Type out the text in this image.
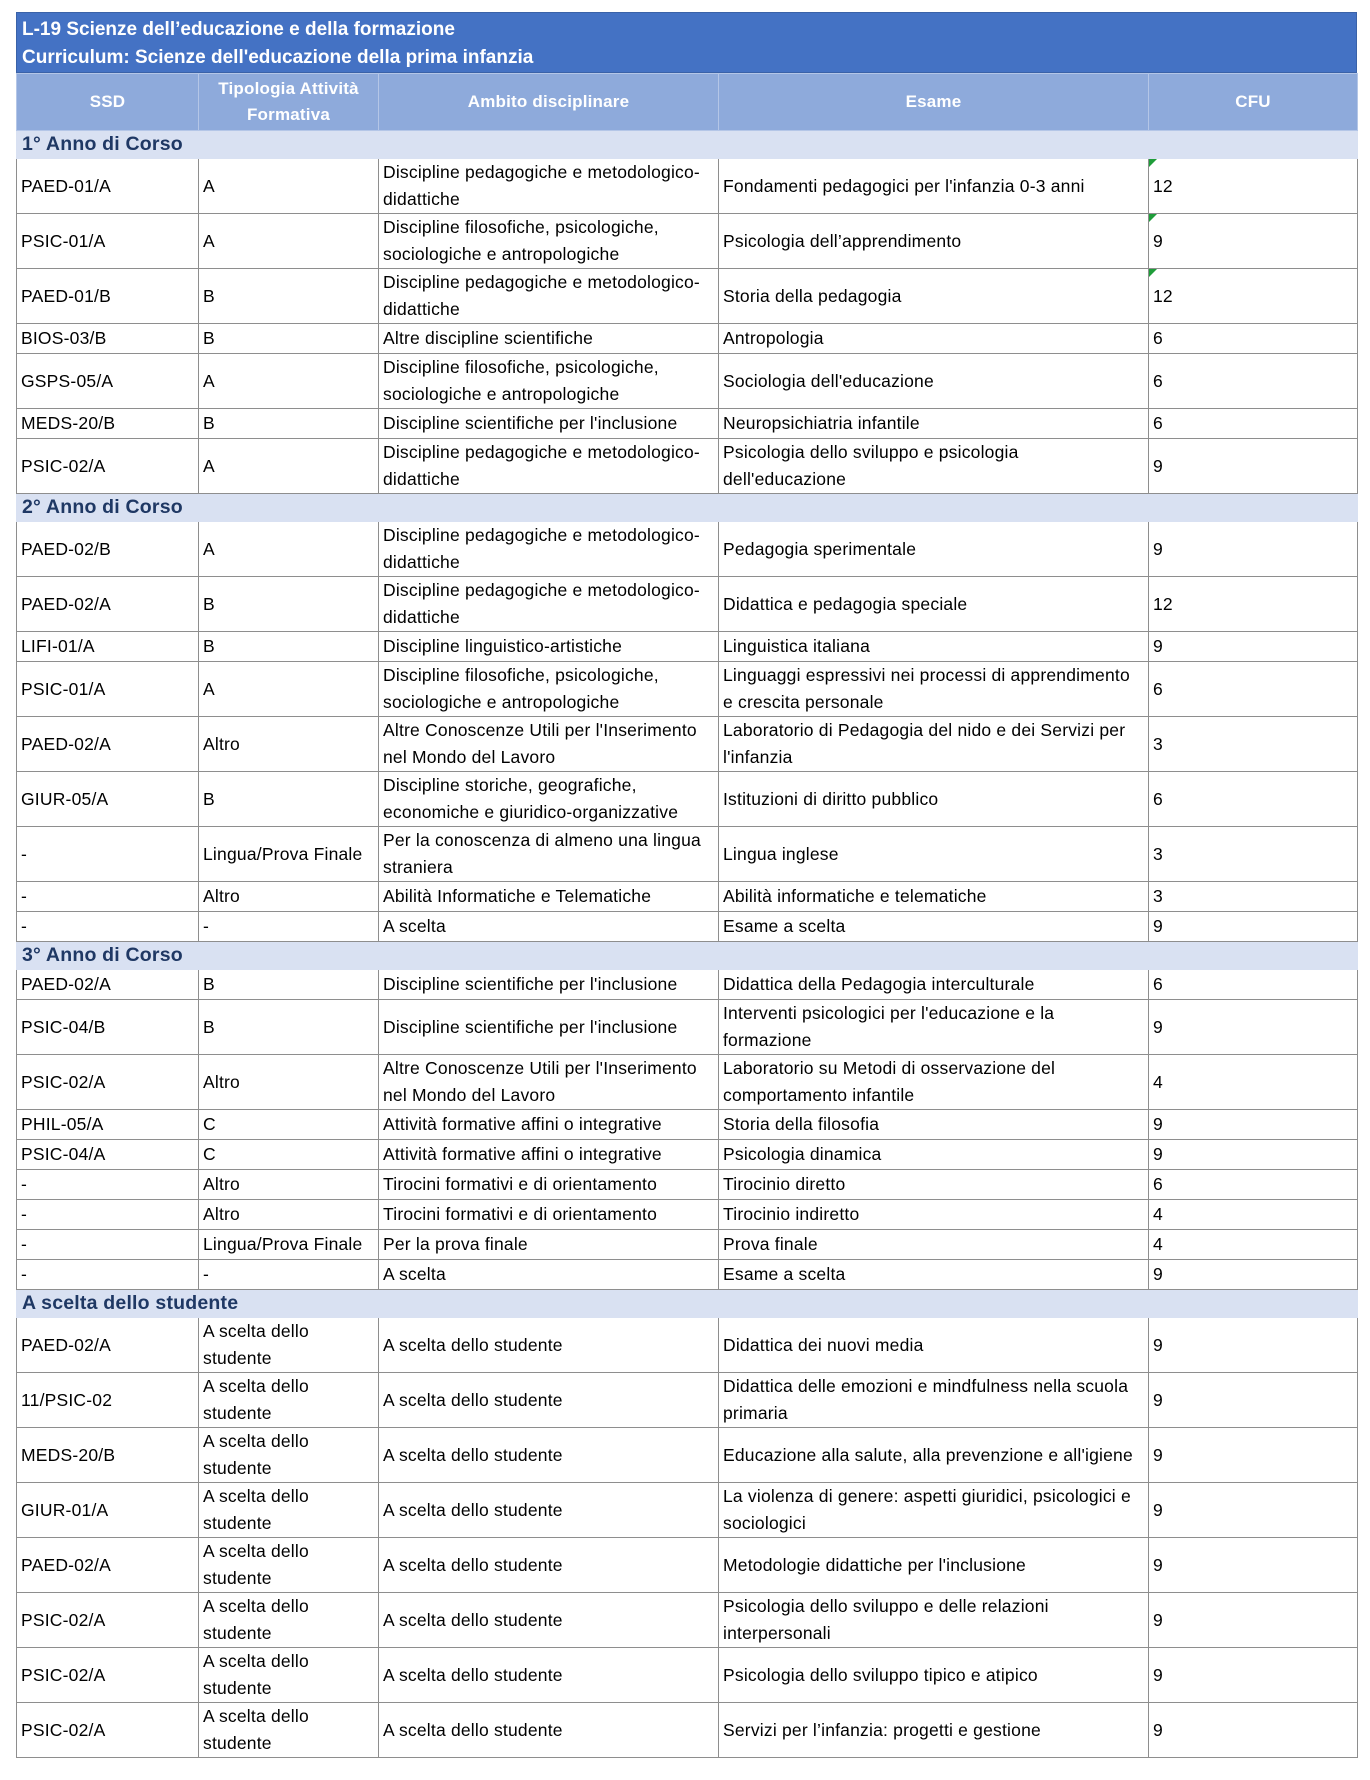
L-19 Scienze dell’educazione e della formazione
Curriculum: Scienze dell'educazione della prima infanzia
SSD	Tipologia Attività Formativa	Ambito disciplinare	Esame	CFU
1° Anno di Corso				
PAED-01/A	A	Discipline pedagogiche e metodologico-didattiche	Fondamenti pedagogici per l'infanzia 0-3 anni	12
PSIC-01/A	A	Discipline filosofiche, psicologiche, sociologiche e antropologiche	Psicologia dell’apprendimento	9
PAED-01/B	B	Discipline pedagogiche e metodologico-didattiche	Storia della pedagogia	12
BIOS-03/B	B	Altre discipline scientifiche	Antropologia	6
GSPS-05/A	A	Discipline filosofiche, psicologiche, sociologiche e antropologiche	Sociologia dell'educazione	6
MEDS-20/B	B	Discipline scientifiche per l'inclusione	Neuropsichiatria infantile	6
PSIC-02/A	A	Discipline pedagogiche e metodologico-didattiche	Psicologia dello sviluppo e psicologia dell'educazione	9
2° Anno di Corso				
PAED-02/B	A	Discipline pedagogiche e metodologico-didattiche	Pedagogia sperimentale	9
PAED-02/A	B	Discipline pedagogiche e metodologico-didattiche	Didattica e pedagogia speciale	12
LIFI-01/A	B	Discipline linguistico-artistiche	Linguistica italiana	9
PSIC-01/A	A	Discipline filosofiche, psicologiche, sociologiche e antropologiche	Linguaggi espressivi nei processi di apprendimento e crescita personale	6
PAED-02/A	Altro	Altre Conoscenze Utili per l'Inserimento nel Mondo del Lavoro	Laboratorio di Pedagogia del nido e dei Servizi per l'infanzia	3
GIUR-05/A	B	Discipline storiche, geografiche, economiche e giuridico-organizzative	Istituzioni di diritto pubblico	6
-	Lingua/Prova Finale	Per la conoscenza di almeno una lingua straniera	Lingua inglese	3
-	Altro	Abilità Informatiche e Telematiche	Abilità informatiche e telematiche	3
-	-	A scelta	Esame a scelta	9
3° Anno di Corso				
PAED-02/A	B	Discipline scientifiche per l'inclusione	Didattica della Pedagogia interculturale	6
PSIC-04/B	B	Discipline scientifiche per l'inclusione	Interventi psicologici per l'educazione e la formazione	9
PSIC-02/A	Altro	Altre Conoscenze Utili per l'Inserimento nel Mondo del Lavoro	Laboratorio su Metodi di osservazione del comportamento infantile	4
PHIL-05/A	C	Attività formative affini o integrative	Storia della filosofia	9
PSIC-04/A	C	Attività formative affini o integrative	Psicologia dinamica	9
-	Altro	Tirocini formativi e di orientamento	Tirocinio diretto	6
-	Altro	Tirocini formativi e di orientamento	Tirocinio indiretto	4
-	Lingua/Prova Finale	Per la prova finale	Prova finale	4
-	-	A scelta	Esame a scelta	9
A scelta dello studente				
PAED-02/A	A scelta dello studente	A scelta dello studente	Didattica dei nuovi media	9
11/PSIC-02	A scelta dello studente	A scelta dello studente	Didattica delle emozioni e mindfulness nella scuola primaria	9
MEDS-20/B	A scelta dello studente	A scelta dello studente	Educazione alla salute, alla prevenzione e all'igiene	9
GIUR-01/A	A scelta dello studente	A scelta dello studente	La violenza di genere: aspetti giuridici, psicologici e sociologici	9
PAED-02/A	A scelta dello studente	A scelta dello studente	Metodologie didattiche per l'inclusione	9
PSIC-02/A	A scelta dello studente	A scelta dello studente	Psicologia dello sviluppo e delle relazioni interpersonali	9
PSIC-02/A	A scelta dello studente	A scelta dello studente	Psicologia dello sviluppo tipico e atipico	9
PSIC-02/A	A scelta dello studente	A scelta dello studente	Servizi per l’infanzia: progetti e gestione	9
